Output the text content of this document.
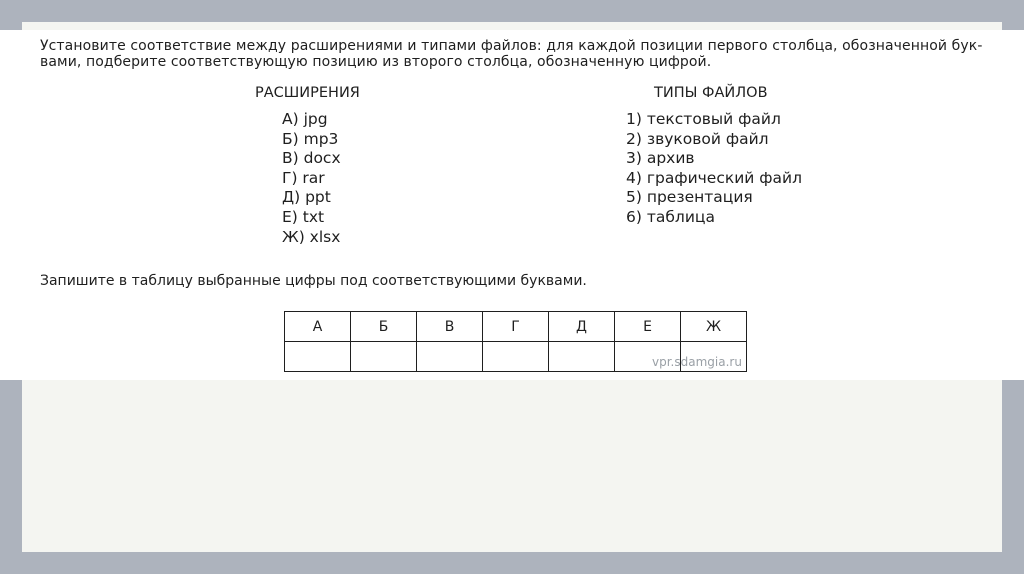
Установите соответствие между расширениями и типами файлов: для каждой позиции первого столбца, обозначенной бук-
вами, подберите соответствующую позицию из второго столбца, обозначенную цифрой.
РАСШИРЕНИЯ	ТИПЫ ФАЙЛОВ
А) jpg
Б) mp3
В) docx
Г) rar
Д) ppt
Е) txt
Ж) xlsx
1) текстовый файл
2) звуковой файл
3) архив
4) графический файл
5) презентация
6) таблица
Запишите в таблицу выбранные цифры под соответствующими буквами.
А	Б	В	Г	Д	Е	Ж

vpr.sdamgia.ru
